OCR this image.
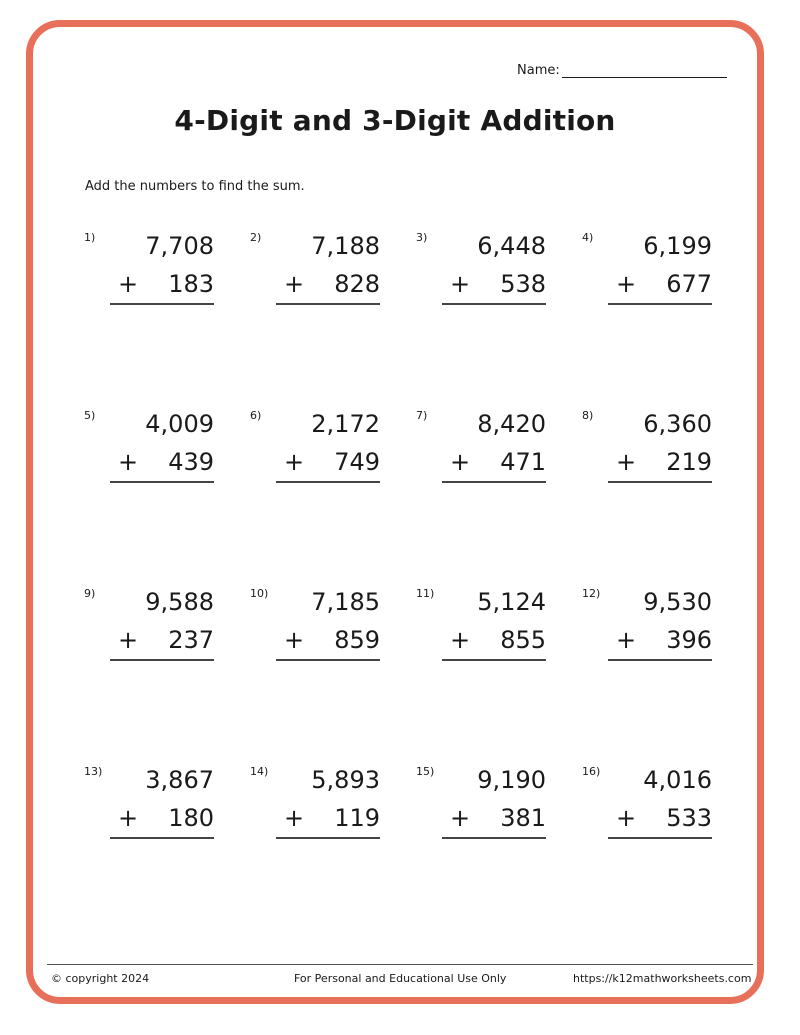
Name:
4-Digit and 3-Digit Addition
Add the numbers to find the sum.
1) 7,708
+ 183
2) 7,188
+ 828
3) 6,448
+ 538
4) 6,199
+ 677
5) 4,009
+ 439
6) 2,172
+ 749
7) 8,420
+ 471
8) 6,360
+ 219
9) 9,588
+ 237
10) 7,185
+ 859
11) 5,124
+ 855
12) 9,530
+ 396
13) 3,867
+ 180
14) 5,893
+ 119
15) 9,190
+ 381
16) 4,016
+ 533
© copyright 2024	For Personal and Educational Use Only	https://k12mathworksheets.com
